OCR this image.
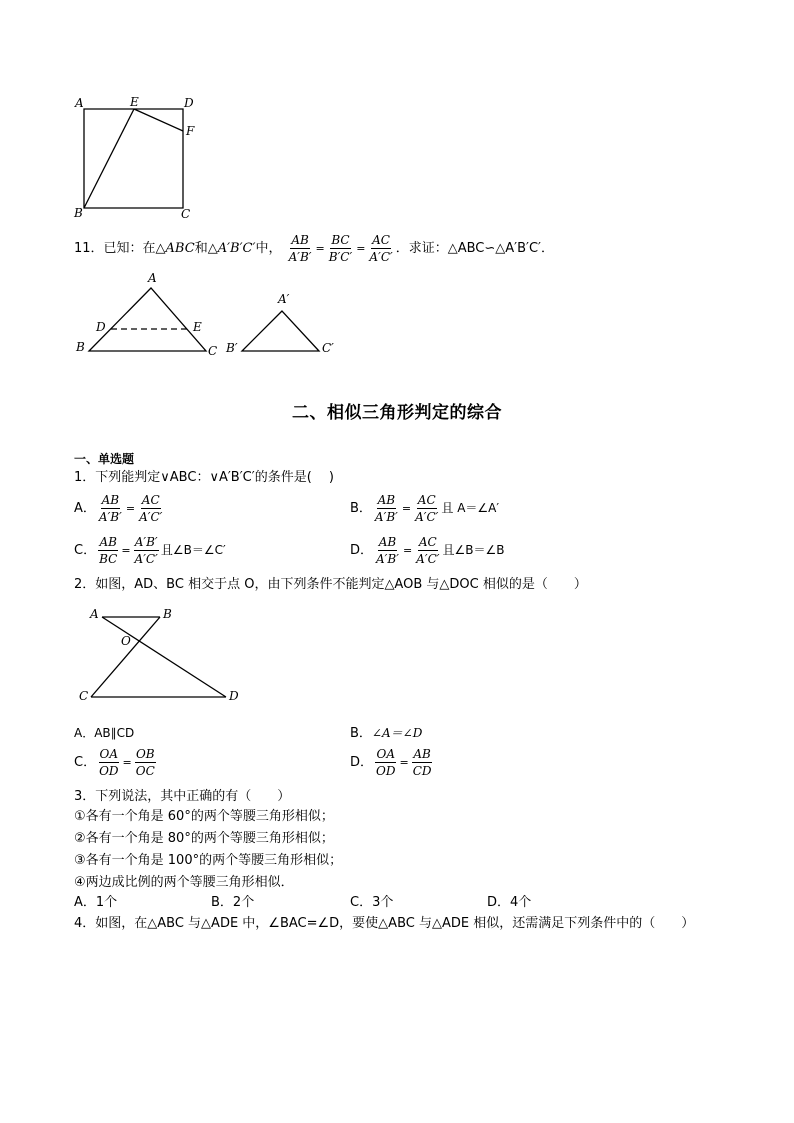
A	E	D
F
B	C
11．已知：在△ABC和△A′B′C′中， $\frac{AB}{A'B'} = \frac{BC}{B'C'} = \frac{AC}{A'C'}$ ．求证：△ABC∽△A′B′C′．
A
D	E
B	C
A′
B′	C′
二、相似三角形判定的综合
一、单选题
1．下列能判定∨ABC：∨A′B′C′的条件是(　 )
A． $\frac{AB}{A'B'} = \frac{AC}{A'C'}$	B． $\frac{AB}{A'B'} = \frac{AC}{A'C'}$ 且 A＝∠A′
C． $\frac{AB}{BC} = \frac{A'B'}{A'C'}$ 且∠B＝∠C′	D． $\frac{AB}{A'B'} = \frac{AC}{A'C'}$ 且∠B＝∠B
2．如图，AD、BC 相交于点 O，由下列条件不能判定△AOB 与△DOC 相似的是（　　）
A	B
O
C	D
A．AB∥CD	B．∠A＝∠D
C． $\frac{OA}{OD} = \frac{OB}{OC}$	D． $\frac{OA}{OD} = \frac{AB}{CD}$
3．下列说法，其中正确的有（　　）
①各有一个角是 60°的两个等腰三角形相似；
②各有一个角是 80°的两个等腰三角形相似；
③各有一个角是 100°的两个等腰三角形相似；
④两边成比例的两个等腰三角形相似．
A．1个	B．2个	C．3个	D．4个
4．如图，在△ABC 与△ADE 中，∠BAC=∠D，要使△ABC 与△ADE 相似，还需满足下列条件中的（　　）
